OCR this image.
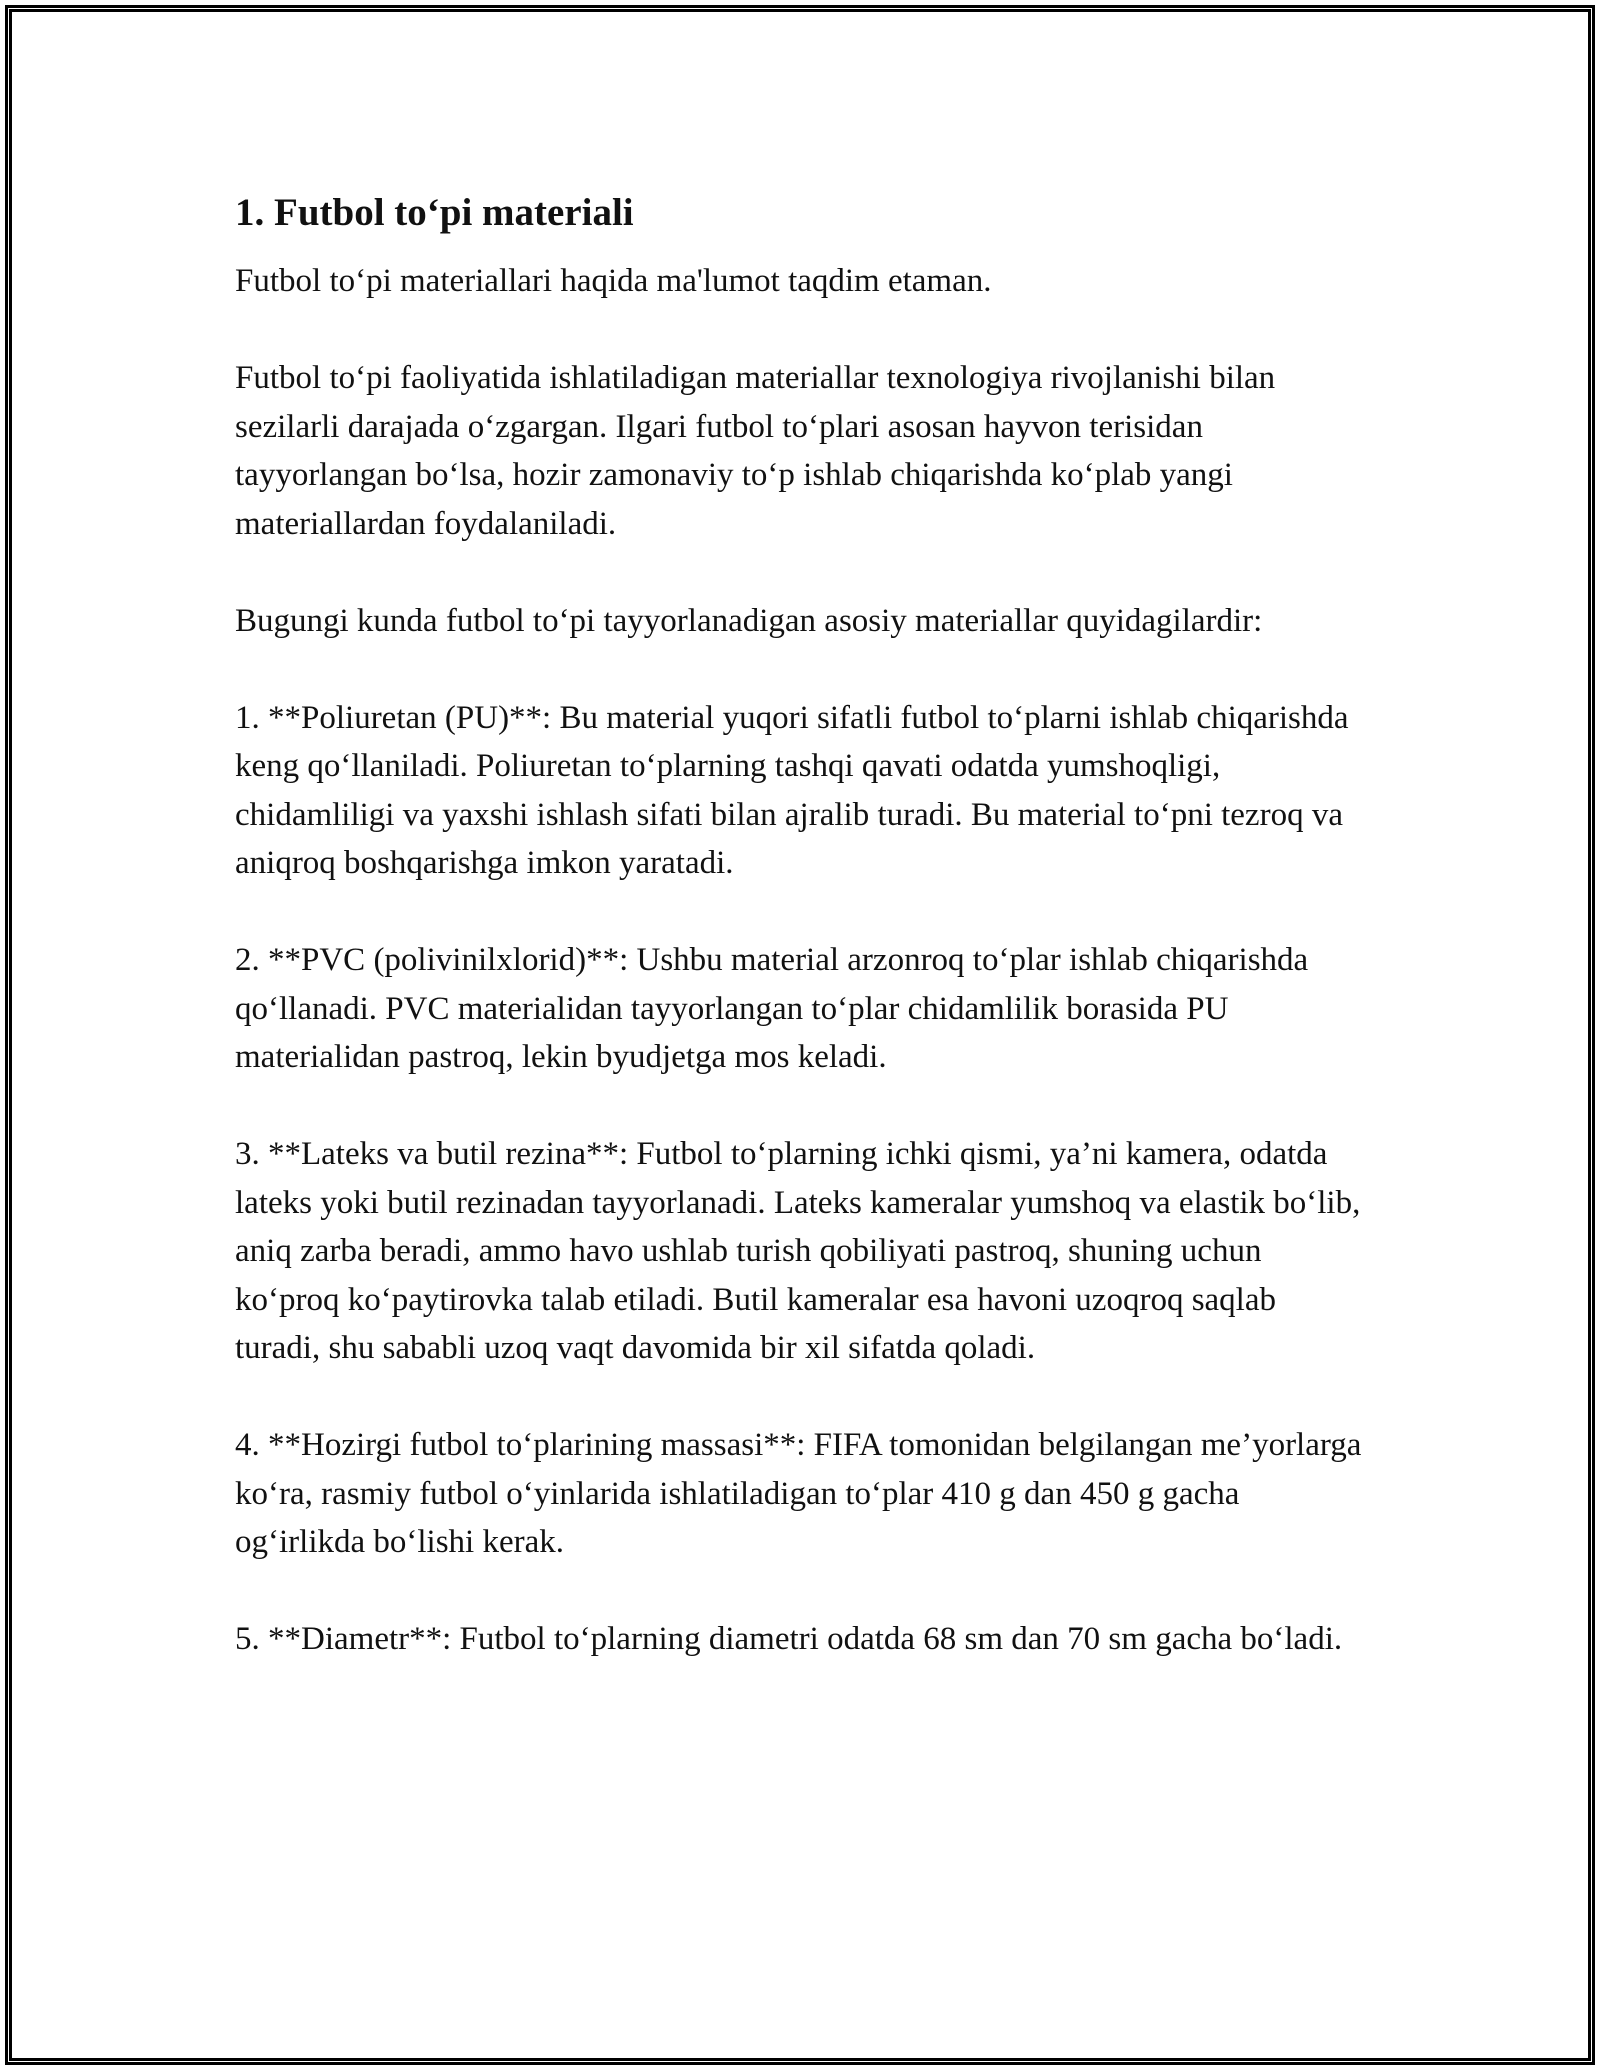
1. Futbol to‘pi materiali

Futbol to‘pi materiallari haqida ma'lumot taqdim etaman.

Futbol to‘pi faoliyatida ishlatiladigan materiallar texnologiya rivojlanishi bilan sezilarli darajada o‘zgargan. Ilgari futbol to‘plari asosan hayvon terisidan tayyorlangan bo‘lsa, hozir zamonaviy to‘p ishlab chiqarishda ko‘plab yangi materiallardan foydalaniladi.

Bugungi kunda futbol to‘pi tayyorlanadigan asosiy materiallar quyidagilardir:

1. **Poliuretan (PU)**: Bu material yuqori sifatli futbol to‘plarni ishlab chiqarishda keng qo‘llaniladi. Poliuretan to‘plarning tashqi qavati odatda yumshoqligi, chidamliligi va yaxshi ishlash sifati bilan ajralib turadi. Bu material to‘pni tezroq va aniqroq boshqarishga imkon yaratadi.

2. **PVC (polivinilxlorid)**: Ushbu material arzonroq to‘plar ishlab chiqarishda qo‘llanadi. PVC materialidan tayyorlangan to‘plar chidamlilik borasida PU materialidan pastroq, lekin byudjetga mos keladi.

3. **Lateks va butil rezina**: Futbol to‘plarning ichki qismi, ya’ni kamera, odatda lateks yoki butil rezinadan tayyorlanadi. Lateks kameralar yumshoq va elastik bo‘lib, aniq zarba beradi, ammo havo ushlab turish qobiliyati pastroq, shuning uchun ko‘proq ko‘paytirovka talab etiladi. Butil kameralar esa havoni uzoqroq saqlab turadi, shu sababli uzoq vaqt davomida bir xil sifatda qoladi.

4. **Hozirgi futbol to‘plarining massasi**: FIFA tomonidan belgilangan me’yorlarga ko‘ra, rasmiy futbol o‘yinlarida ishlatiladigan to‘plar 410 g dan 450 g gacha og‘irlikda bo‘lishi kerak.

5. **Diametr**: Futbol to‘plarning diametri odatda 68 sm dan 70 sm gacha bo‘ladi.
